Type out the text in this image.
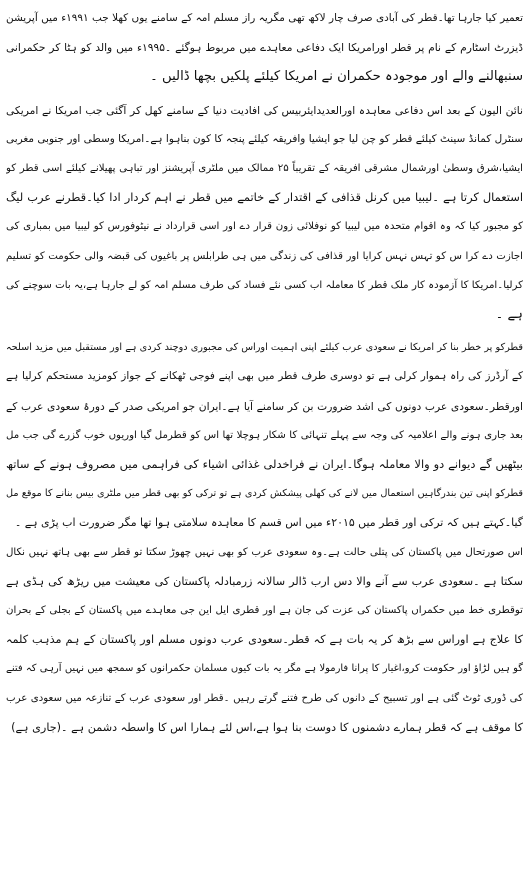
تعمیر کیا جارہا تھا۔قطر کی آبادی صرف چار لاکھ تھی مگریہ راز مسلم امہ کے سامنے یوں کھلا جب ۱۹۹۱ء میں آپریشن
ڈیزرٹ اسٹارم کے نام پر قطر اورامریکا ایک دفاعی معاہدے میں مربوط ہوگئے ۔۱۹۹۵ء میں والد کو ہٹا کر حکمرانی
سنبھالنے والے اور موجودہ حکمران نے امریکا کیلئے پلکیں بچھا ڈالیں ۔
نائن الیون کے بعد اس دفاعی معاہدہ اورالعدیدایئربیس کی افادیت دنیا کے سامنے کھل کر آگئی جب امریکا نے امریکی
سنٹرل کمانڈ سینٹ کیلئے قطر کو چن لیا جو ایشیا وافریقہ کیلئے پنجہ کا کون بناہوا ہے۔امریکا وسطی اور جنوبی مغربی
ایشیا،شرق وسطیٰ اورشمال مشرقی افریقہ کے تقریباً ۲۵ ممالک میں ملٹری آپریشنز اور تباہی پھیلانے کیلئے اسی قطر کو
استعمال کرتا ہے ۔لیبیا میں کرنل قذافی کے اقتدار کے خاتمے میں قطر نے اہم کردار ادا کیا۔قطرنے عرب لیگ
کو مجبور کیا کہ وہ اقوام متحدہ میں لیبیا کو نوفلائی زون قرار دے اور اسی قرارداد نے نیٹوفورس کو لیبیا میں بمباری کی
اجازت دے کرا س کو تہس نہس کرایا اور قذافی کی زندگی میں ہی طرابلس پر باغیوں کی قبضہ والی حکومت کو تسلیم
کرلیا۔امریکا کا آزمودہ کار ملک قطر کا معاملہ اب کسی نئے فساد کی طرف مسلم امہ کو لے جارہا ہے،یہ بات سوچنے کی
ہے ۔
قطرکو پر خطر بنا کر امریکا نے سعودی عرب کیلئے اپنی اہمیت اوراس کی مجبوری دوچند کردی ہے اور مستقبل میں مزید اسلحہ
کے آرڈرز کی راہ ہموار کرلی ہے تو دوسری طرف قطر میں بھی اپنے فوجی ٹھکانے کے جواز کومزید مستحکم کرلیا ہے
اورقطر۔سعودی عرب دونوں کی اشد ضرورت بن کر سامنے آیا ہے۔ایران جو امریکی صدر کے دورۂ سعودی عرب کے
بعد جاری ہونے والے اعلامیہ کی وجہ سے پہلے تنہائی کا شکار ہوچلا تھا اس کو قطرمل گیا اوریوں خوب گزرے گی جب مل
بیٹھیں گے دیوانے دو والا معاملہ ہوگا۔ایران نے فراخدلی غذائی اشیاء کی فراہمی میں مصروف ہونے کے ساتھ
قطرکو اپنی تین بندرگاہیں استعمال میں لانے کی کھلی پیشکش کردی ہے تو ترکی کو بھی قطر میں ملٹری بیس بنانے کا موقع مل
گیا۔کہتے ہیں کہ ترکی اور قطر میں ۲۰۱۵ء میں اس قسم کا معاہدہ سلامتی ہوا تھا مگر ضرورت اب پڑی ہے ۔
اس صورتحال میں پاکستان کی پتلی حالت ہے۔وہ سعودی عرب کو بھی نہیں چھوڑ سکتا تو قطر سے بھی ہاتھ نہیں نکال
سکتا ہے ۔سعودی عرب سے آنے والا دس ارب ڈالر سالانہ زرمبادلہ پاکستان کی معیشت میں ریڑھ کی ہڈی ہے
توقطری خط میں حکمراں پاکستان کی عزت کی جان ہے اور قطری ایل این جی معاہدے میں پاکستان کے بجلی کے بحران
کا علاج ہے اوراس سے بڑھ کر یہ بات ہے کہ قطر۔سعودی عرب دونوں مسلم اور پاکستان کے ہم مذہب کلمہ
گو ہیں لڑاؤ اور حکومت کرو،اغیار کا پرانا فارمولا ہے مگر یہ بات کیوں مسلمان حکمرانوں کو سمجھ میں نہیں آرہی کہ فتنے
کی ڈوری ٹوٹ گئی ہے اور تسبیح کے دانوں کی طرح فتنے گرتے رہیں ۔قطر اور سعودی عرب کے تنازعہ میں سعودی عرب
کا موقف ہے کہ قطر ہمارے دشمنوں کا دوست بنا ہوا ہے،اس لئے ہمارا اس کا واسطہ دشمن ہے ۔(جاری ہے)
